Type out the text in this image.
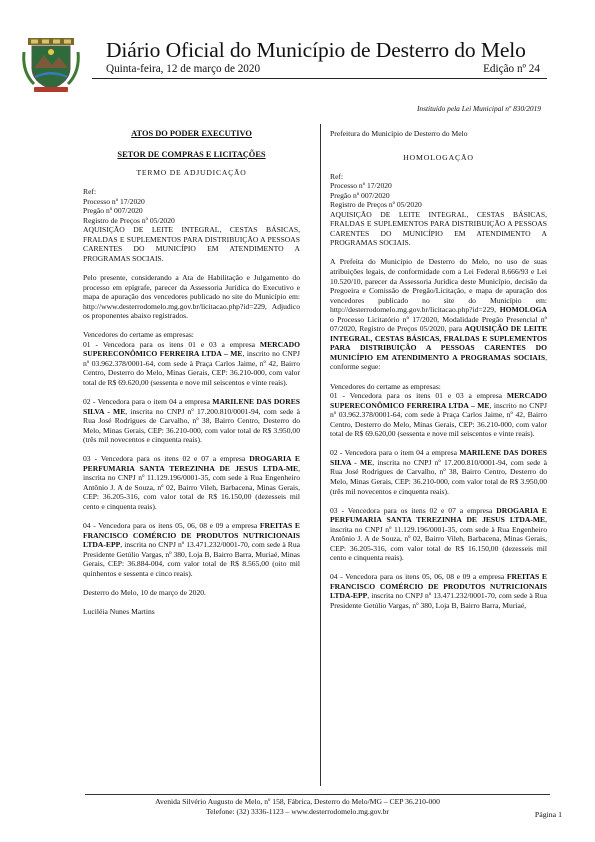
Diário Oficial do Município de Desterro do Melo
Quinta-feira, 12 de março de 2020	Edição nº 24
Instituído pela Lei Municipal nº 830/2019

ATOS DO PODER EXECUTIVO

SETOR DE COMPRAS E LICITAÇÕES

TERMO DE ADJUDICAÇÃO

Ref:

Processo nº 17/2020

Pregão nº 007/2020

Registro de Preços nº 05/2020

AQUISIÇÃO DE LEITE INTEGRAL, CESTAS BÁSICAS, FRALDAS E SUPLEMENTOS PARA DISTRIBUIÇÃO A PESSOAS CARENTES DO MUNICÍPIO EM ATENDIMENTO A PROGRAMAS SOCIAIS.

Pelo presente, considerando a Ata de Habilitação e Julgamento do processo em epígrafe, parecer da Assessoria Jurídica do Executivo e mapa de apuração dos vencedores publicado no site do Município em: http://www.desterrodomelo.mg.gov.br/licitacao.php?id=229, Adjudico os proponentes abaixo registrados.

Vencedores do certame as empresas:

01 - Vencedora para os itens 01 e 03 a empresa MERCADO SUPERECONÔMICO FERREIRA LTDA – ME, inscrito no CNPJ nº 03.962.378/0001-64, com sede à Praça Carlos Jaime, nº 42, Bairro Centro, Desterro do Melo, Minas Gerais, CEP: 36.210-000, com valor total de R$ 69.620,00 (sessenta e nove mil seiscentos e vinte reais).

02 - Vencedora para o item 04 a empresa MARILENE DAS DORES SILVA - ME, inscrita no CNPJ nº 17.200.810/0001-94, com sede à Rua José Rodrigues de Carvalho, nº 38, Bairro Centro, Desterro do Melo, Minas Gerais, CEP: 36.210-000, com valor total de R$ 3.950,00 (três mil novecentos e cinquenta reais).

03 - Vencedora para os itens 02 e 07 a empresa DROGARIA E PERFUMARIA SANTA TEREZINHA DE JESUS LTDA-ME, inscrita no CNPJ nº 11.129.196/0001-35, com sede à Rua Engenheiro Antônio J. A de Souza, nº 02, Bairro Vileh, Barbacena, Minas Gerais, CEP: 36.205-316, com valor total de R$ 16.150,00 (dezesseis mil cento e cinquenta reais).

04 - Vencedora para os itens 05, 06, 08 e 09 a empresa FREITAS E FRANCISCO COMÉRCIO DE PRODUTOS NUTRICIONAIS LTDA-EPP, inscrita no CNPJ nº 13.471.232/0001-70, com sede à Rua Presidente Getúlio Vargas, nº 380, Loja B, Bairro Barra, Muriaé, Minas Gerais, CEP: 36.884-004, com valor total de R$ 8.565,00 (oito mil quinhentos e sessenta e cinco reais).

Desterro do Melo, 10 de março de 2020.

Luciléia Nunes Martins

Prefeitura do Município de Desterro do Melo

HOMOLOGAÇÃO

Ref:

Processo nº 17/2020

Pregão nº 007/2020

Registro de Preços nº 05/2020

AQUISIÇÃO DE LEITE INTEGRAL, CESTAS BÁSICAS, FRALDAS E SUPLEMENTOS PARA DISTRIBUIÇÃO A PESSOAS CARENTES DO MUNICÍPIO EM ATENDIMENTO A PROGRAMAS SOCIAIS.

A Prefeita do Município de Desterro do Melo, no uso de suas atribuições legais, de conformidade com a Lei Federal 8.666/93 e Lei 10.520/10, parecer da Assessoria Jurídica deste Município, decisão da Pregoeira e Comissão de Pregão/Licitação, e mapa de apuração dos vencedores publicado no site do Município em: http://desterrodomelo.mg.gov.br/licitacao.php?id=229, HOMOLOGA o Processo Licitatório nº 17/2020, Modalidade Pregão Presencial nº 07/2020, Registro de Preços 05/2020, para AQUISIÇÃO DE LEITE INTEGRAL, CESTAS BÁSICAS, FRALDAS E SUPLEMENTOS PARA DISTRIBUIÇÃO A PESSOAS CARENTES DO MUNICÍPIO EM ATENDIMENTO A PROGRAMAS SOCIAIS, conforme segue:

Vencedores do certame as empresas:

01 - Vencedora para os itens 01 e 03 a empresa MERCADO SUPERECONÔMICO FERREIRA LTDA – ME, inscrito no CNPJ nº 03.962.378/0001-64, com sede à Praça Carlos Jaime, nº 42, Bairro Centro, Desterro do Melo, Minas Gerais, CEP: 36.210-000, com valor total de R$ 69.620,00 (sessenta e nove mil seiscentos e vinte reais).

02 - Vencedora para o item 04 a empresa MARILENE DAS DORES SILVA - ME, inscrita no CNPJ nº 17.200.810/0001-94, com sede à Rua José Rodrigues de Carvalho, nº 38, Bairro Centro, Desterro do Melo, Minas Gerais, CEP: 36.210-000, com valor total de R$ 3.950,00 (três mil novecentos e cinquenta reais).

03 - Vencedora para os itens 02 e 07 a empresa DROGARIA E PERFUMARIA SANTA TEREZINHA DE JESUS LTDA-ME, inscrita no CNPJ nº 11.129.196/0001-35, com sede à Rua Engenheiro Antônio J. A de Souza, nº 02, Bairro Vileh, Barbacena, Minas Gerais, CEP: 36.205-316, com valor total de R$ 16.150,00 (dezesseis mil cento e cinquenta reais).

04 - Vencedora para os itens 05, 06, 08 e 09 a empresa FREITAS E FRANCISCO COMÉRCIO DE PRODUTOS NUTRICIONAIS LTDA-EPP, inscrita no CNPJ nº 13.471.232/0001-70, com sede à Rua Presidente Getúlio Vargas, nº 380, Loja B, Bairro Barra, Muriaé,

Avenida Silvério Augusto de Melo, nº 158, Fábrica, Desterro do Melo/MG – CEP 36.210-000
Telefone: (32) 3336-1123 – www.desterrodomelo.mg.gov.br	Página 1
